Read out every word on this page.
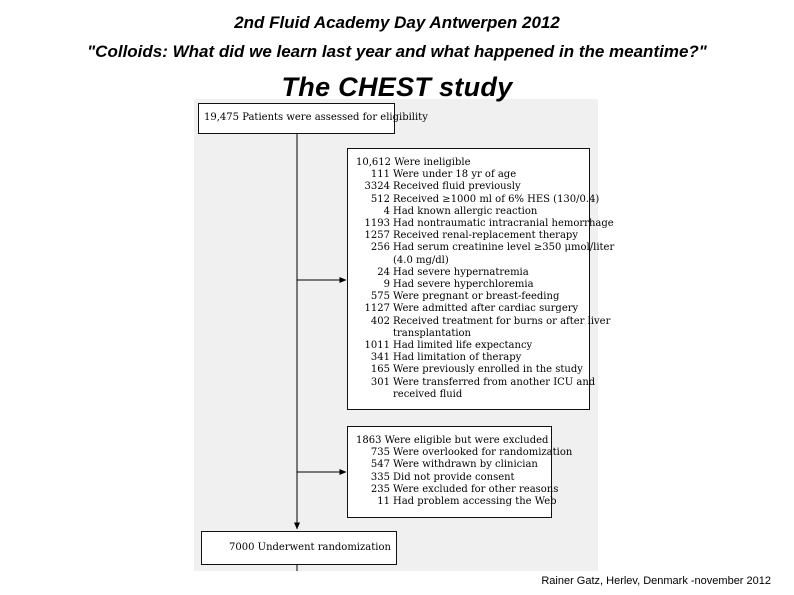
2nd Fluid Academy Day Antwerpen 2012
"Colloids: What did we learn last year and what happened in the meantime?"
The CHEST study
19,475 Patients were assessed for eligibility
10,612 Were ineligible
111 Were under 18 yr of age
3324 Received fluid previously
512 Received ≥1000 ml of 6% HES (130/0.4)
4 Had known allergic reaction
1193 Had nontraumatic intracranial hemorrhage
1257 Received renal-replacement therapy
256 Had serum creatinine level ≥350 μmol/liter
(4.0 mg/dl)
24 Had severe hypernatremia
9 Had severe hyperchloremia
575 Were pregnant or breast-feeding
1127 Were admitted after cardiac surgery
402 Received treatment for burns or after liver
transplantation
1011 Had limited life expectancy
341 Had limitation of therapy
165 Were previously enrolled in the study
301 Were transferred from another ICU and
received fluid
1863 Were eligible but were excluded
735 Were overlooked for randomization
547 Were withdrawn by clinician
335 Did not provide consent
235 Were excluded for other reasons
11 Had problem accessing the Web
7000 Underwent randomization
Rainer Gatz, Herlev, Denmark -november 2012
